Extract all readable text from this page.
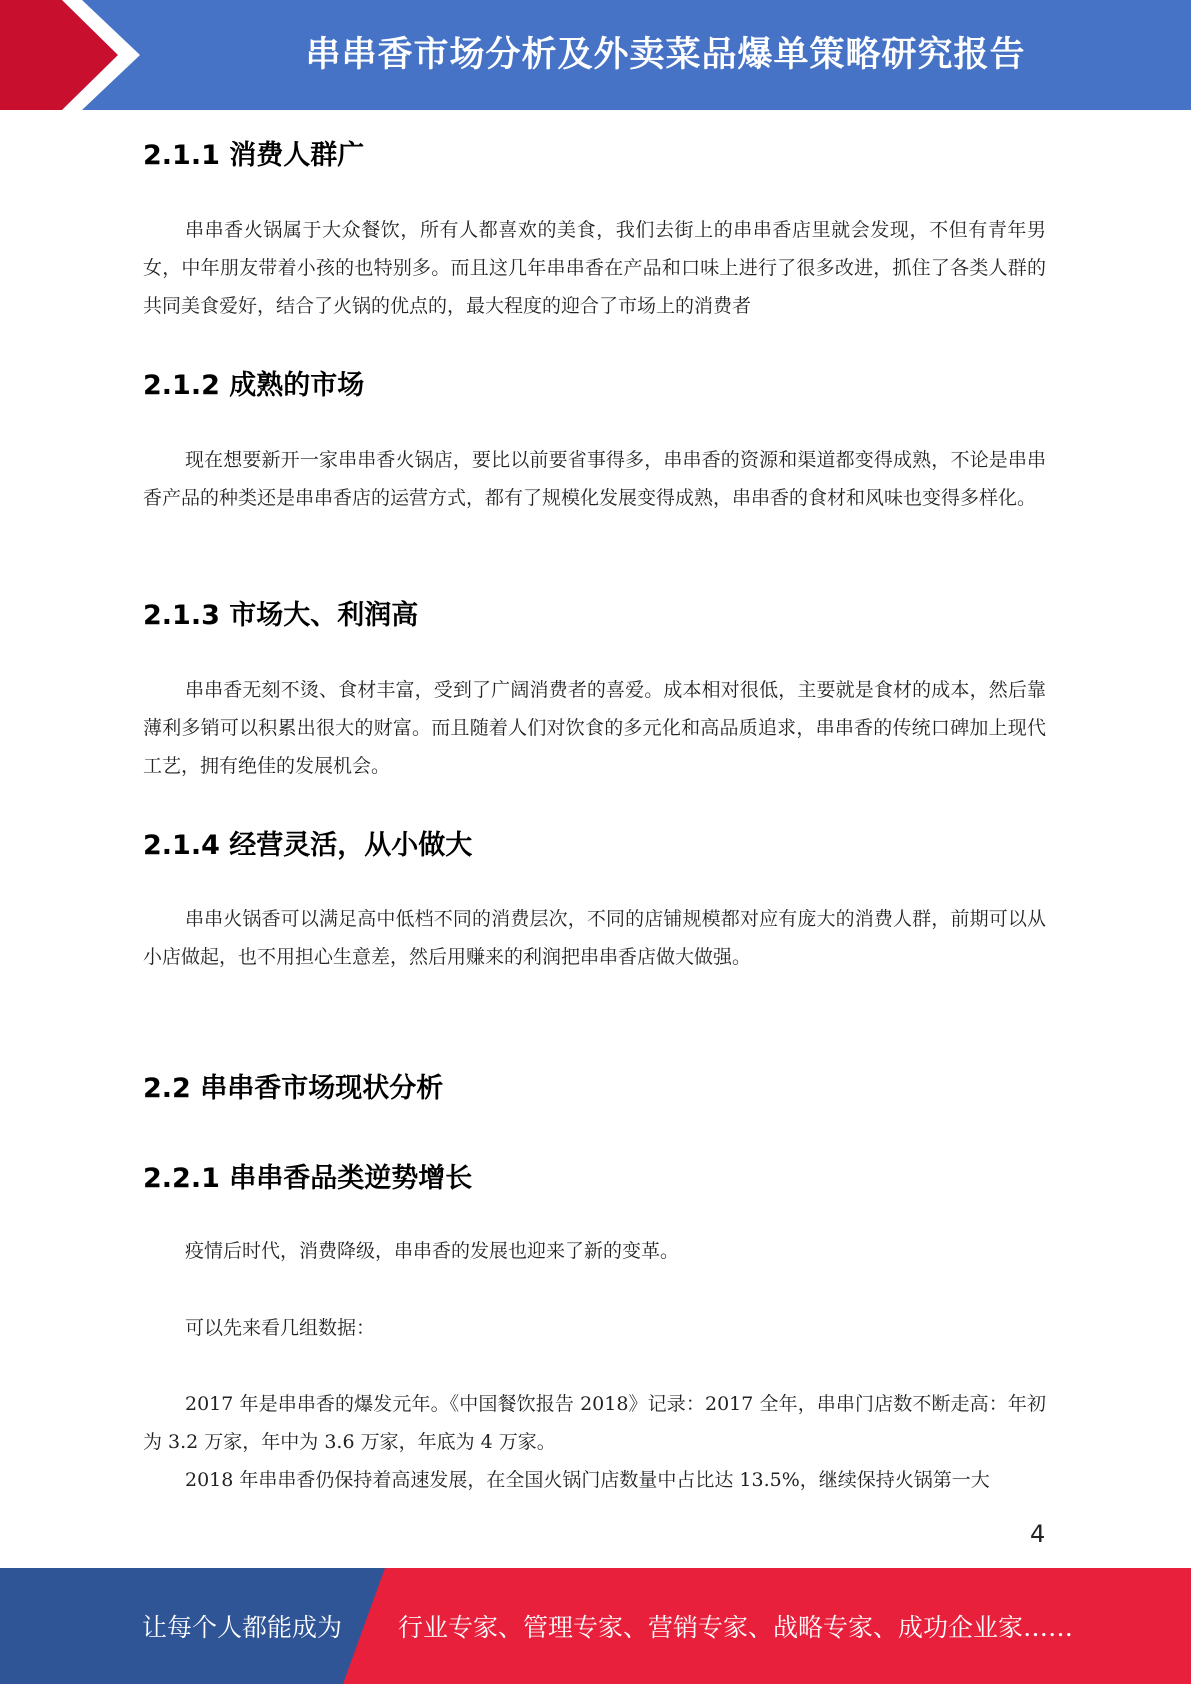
串串香市场分析及外卖菜品爆单策略研究报告
2.1.1 消费人群广
串串香火锅属于大众餐饮，所有人都喜欢的美食，我们去街上的串串香店里就会发现，不但有青年男女，中年朋友带着小孩的也特别多。而且这几年串串香在产品和口味上进行了很多改进，抓住了各类人群的共同美食爱好，结合了火锅的优点的，最大程度的迎合了市场上的消费者
2.1.2 成熟的市场
现在想要新开一家串串香火锅店，要比以前要省事得多，串串香的资源和渠道都变得成熟，不论是串串香产品的种类还是串串香店的运营方式，都有了规模化发展变得成熟，串串香的食材和风味也变得多样化。
2.1.3 市场大、利润高
串串香无刻不烫、食材丰富，受到了广阔消费者的喜爱。成本相对很低，主要就是食材的成本，然后靠薄利多销可以积累出很大的财富。而且随着人们对饮食的多元化和高品质追求，串串香的传统口碑加上现代工艺，拥有绝佳的发展机会。
2.1.4 经营灵活，从小做大
串串火锅香可以满足高中低档不同的消费层次，不同的店铺规模都对应有庞大的消费人群，前期可以从小店做起，也不用担心生意差，然后用赚来的利润把串串香店做大做强。
2.2 串串香市场现状分析
2.2.1 串串香品类逆势增长
疫情后时代，消费降级，串串香的发展也迎来了新的变革。
可以先来看几组数据：
2017 年是串串香的爆发元年。《中国餐饮报告 2018》记录：2017 全年，串串门店数不断走高：年初为 3.2 万家，年中为 3.6 万家，年底为 4 万家。
2018 年串串香仍保持着高速发展，在全国火锅门店数量中占比达 13.5%，继续保持火锅第一大
4
让每个人都能成为 行业专家、管理专家、营销专家、战略专家、成功企业家……
